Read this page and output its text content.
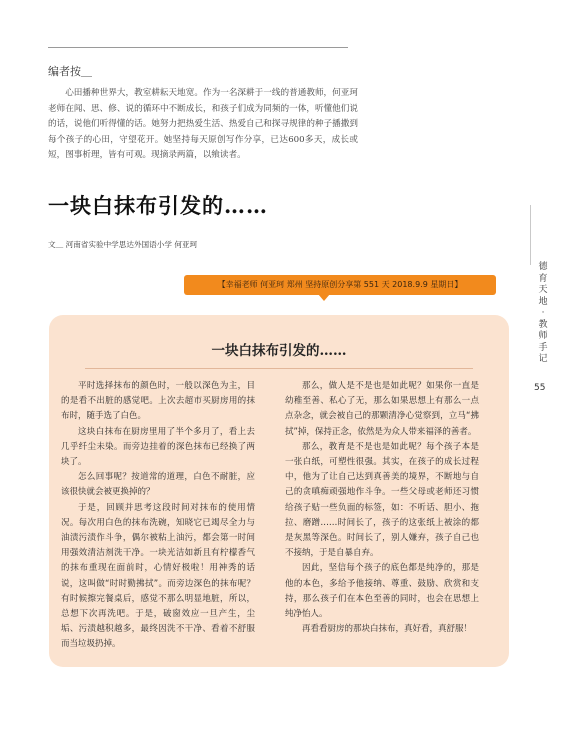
编者按＿
心田播种世界大，教室耕耘天地宽。作为一名深耕于一线的普通教师，何亚珂老师在闻、思、修、说的循环中不断成长，和孩子们成为同频的一体，听懂他们说的话，说他们听得懂的话。她努力把热爱生活、热爱自己和探寻规律的种子播撒到每个孩子的心田，守望花开。她坚持每天原创写作分享，已达600多天，成长或短，图事析理，皆有可观。现摘录两篇，以飨读者。
一块白抹布引发的……
文＿ 河南省实验中学思达外国语小学 何亚珂
德
育
天
地
·
教
师
手
记
55
【幸福老师 何亚珂 郑州 坚持原创分享第 551 天 2018.9.9 星期日】
一块白抹布引发的……

平时选择抹布的颜色时，一般以深色为主，目的是看不出脏的感觉吧。上次去超市买厨房用的抹布时，随手选了白色。

这块白抹布在厨房里用了半个多月了，看上去几乎纤尘未染。而旁边挂着的深色抹布已经换了两块了。

怎么回事呢？按道常的道理，白色不耐脏，应该很快就会被更换掉的？

于是，回顾并思考这段时间对抹布的使用情况。每次用白色的抹布洗碗，知晓它已竭尽全力与油渍污渍作斗争，偶尔被粘上油污，都会第一时间用强效清洁剂洗干净。一块光洁如新且有柠檬香气的抹布重现在面前时，心情好极啦！用神秀的话说，这叫做“时时勤拂拭”。而旁边深色的抹布呢？有时候擦完餐桌后，感觉不那么明显地脏，所以，总想下次再洗吧。于是，破窗效应一旦产生，尘垢、污渍越积越多，最终因洗不干净、看着不舒服而当垃圾扔掉。

那么，做人是不是也是如此呢？如果你一直是幼稚至善、私心了无，那么如果思想上有那么一点点杂念，就会被自己的那颗清净心觉察到，立马“拂拭”掉，保持正念，依然是为众人带来福泽的善者。

那么，教育是不是也是如此呢？每个孩子本是一张白纸，可塑性很强。其实，在孩子的成长过程中，他为了让自己达到真善美的境界，不断地与自己的贪嗔痴顽强地作斗争。一些父母或老师还习惯给孩子贴一些负面的标签，如：不听话、胆小、拖拉、磨蹭……时间长了，孩子的这张纸上被涂的都是灰黑等深色。时间长了，别人嫌弃，孩子自己也不接纳，于是自暴自弃。

因此，坚信每个孩子的底色都是纯净的，那是他的本色，多给予他接纳、尊重、鼓励、欣赏和支持，那么孩子们在本色至善的同时，也会在思想上纯净怡人。

再看看厨房的那块白抹布，真好看，真舒服！
